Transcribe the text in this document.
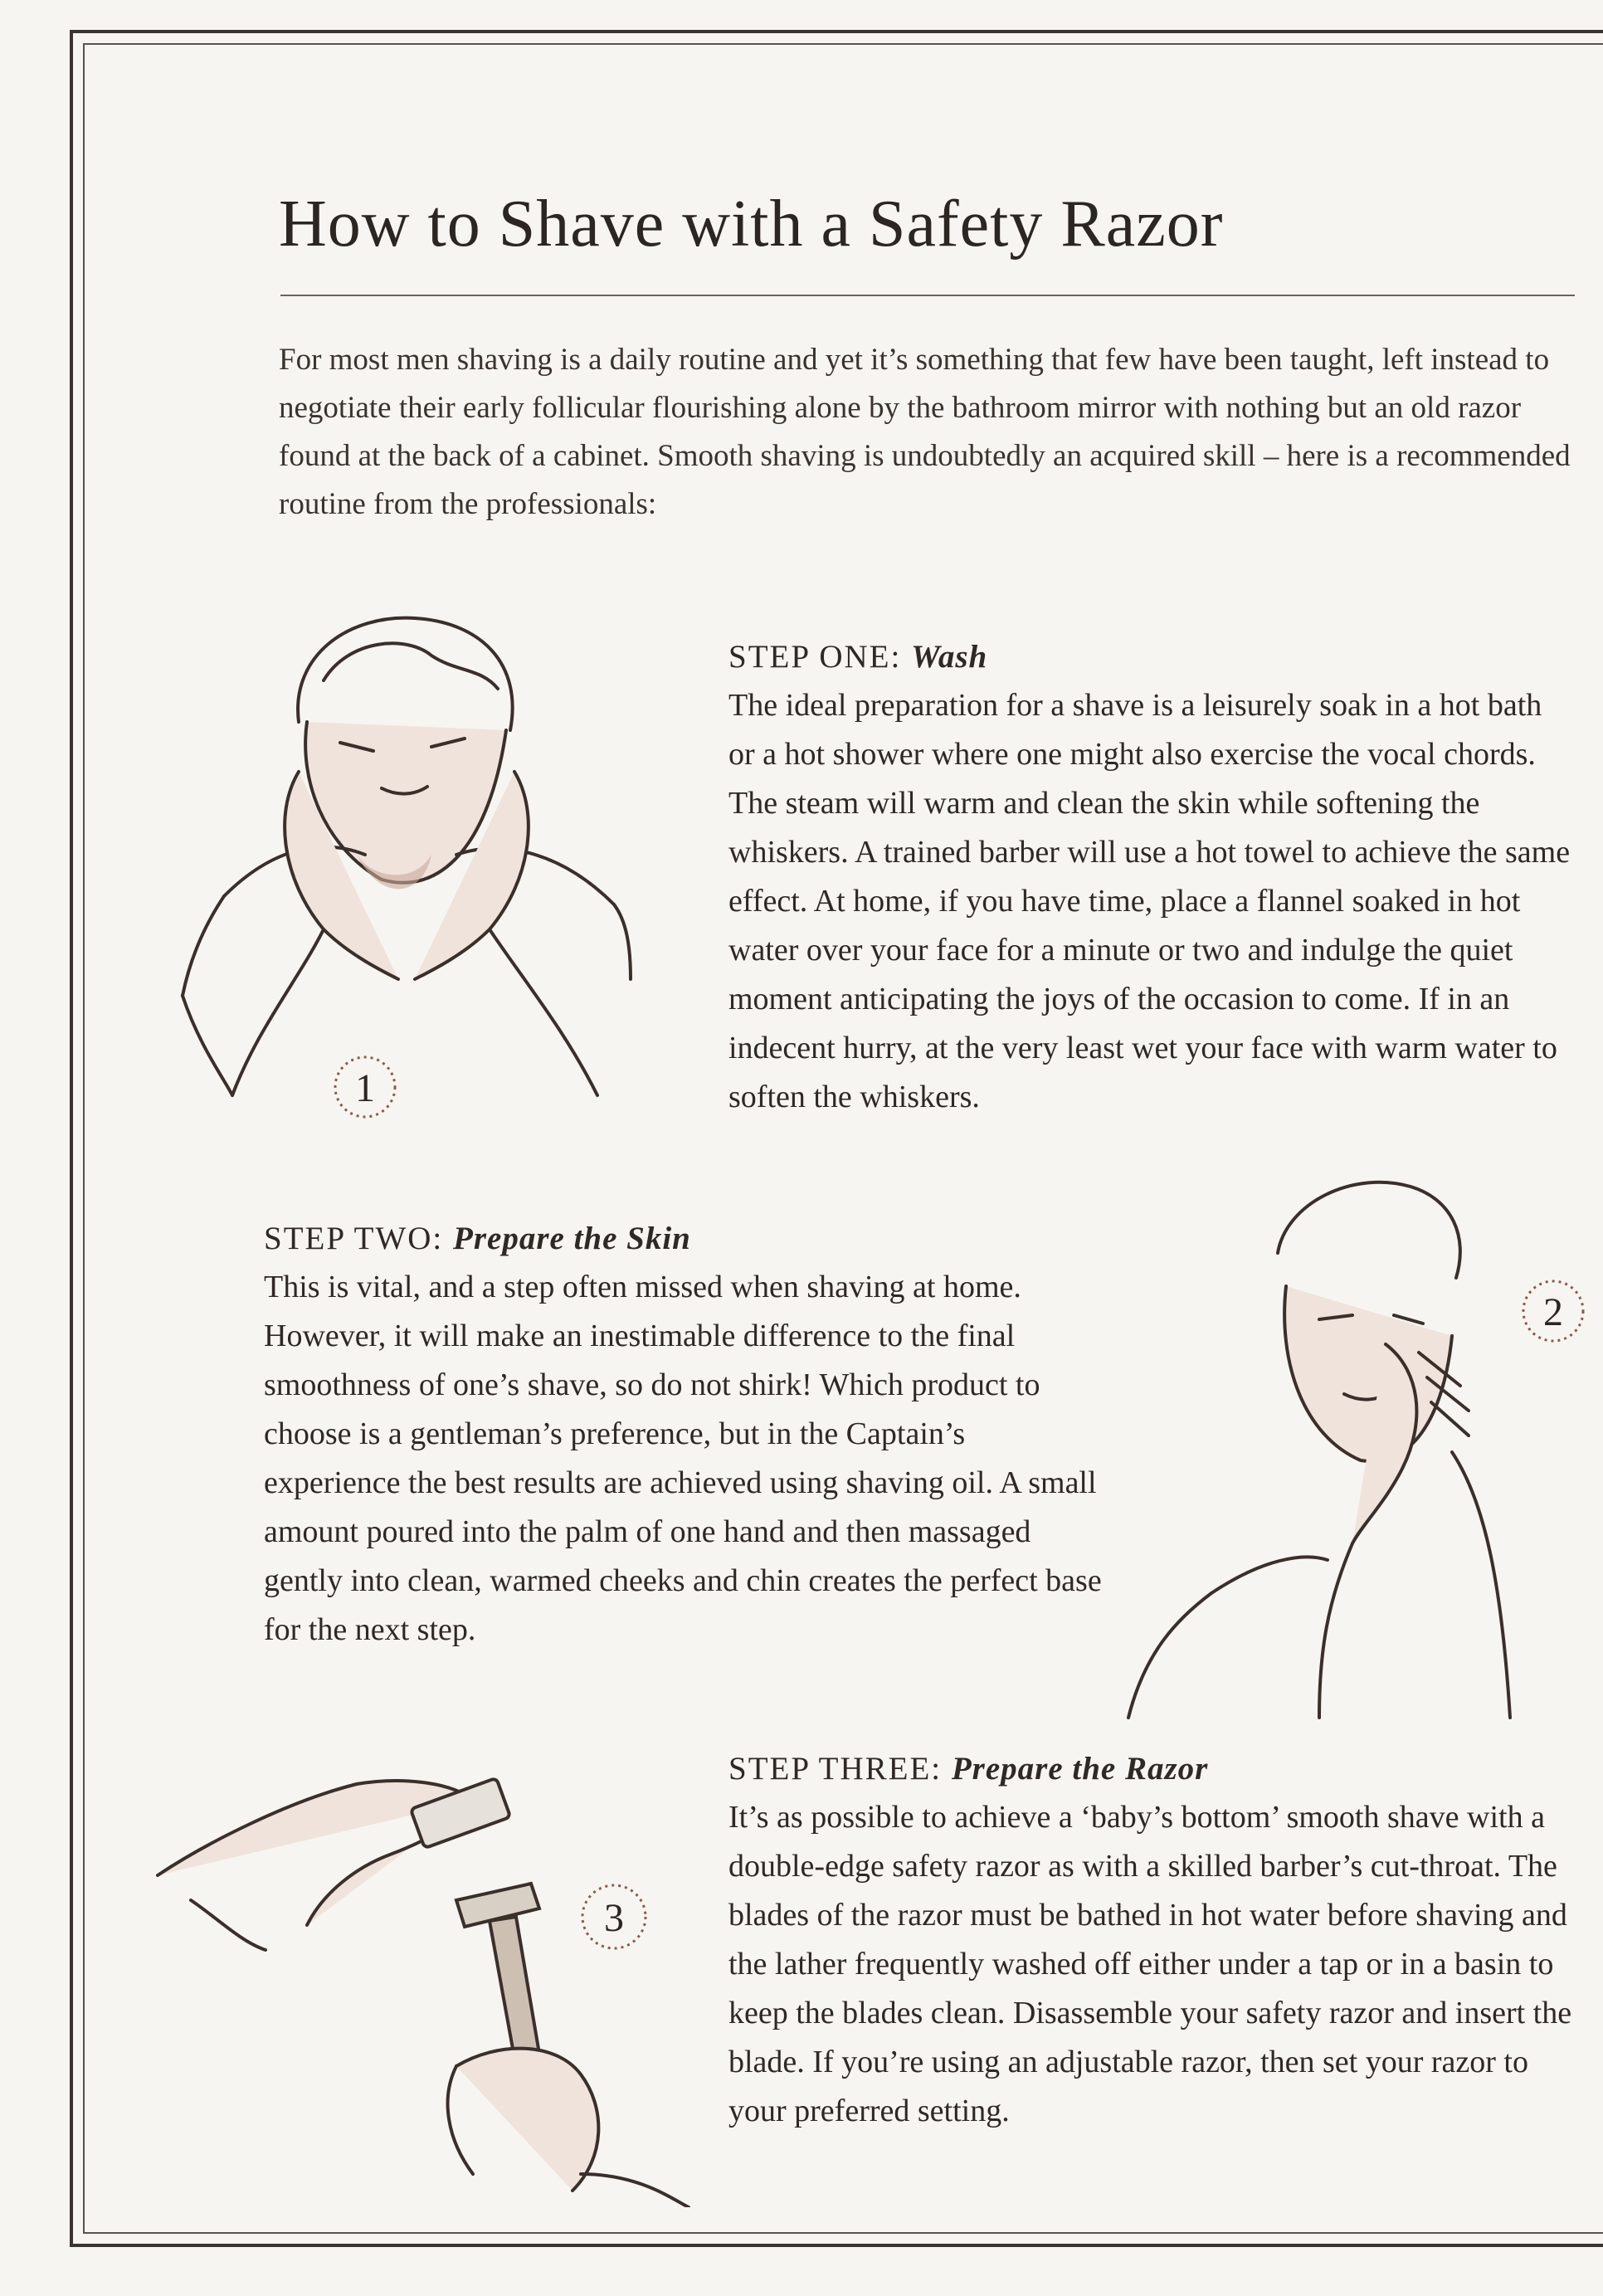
How to Shave with a Safety Razor

For most men shaving is a daily routine and yet it’s something that few have been taught, left instead to negotiate their early follicular flourishing alone by the bathroom mirror with nothing but an old razor found at the back of a cabinet. Smooth shaving is undoubtedly an acquired skill – here is a recommended routine from the professionals:

1
STEP ONE: Wash
The ideal preparation for a shave is a leisurely soak in a hot bath or a hot shower where one might also exercise the vocal chords. The steam will warm and clean the skin while softening the whiskers. A trained barber will use a hot towel to achieve the same effect. At home, if you have time, place a flannel soaked in hot water over your face for a minute or two and indulge the quiet moment anticipating the joys of the occasion to come. If in an indecent hurry, at the very least wet your face with warm water to soften the whiskers.
STEP TWO: Prepare the Skin
This is vital, and a step often missed when shaving at home. However, it will make an inestimable difference to the final smoothness of one’s shave, so do not shirk! Which product to choose is a gentleman’s preference, but in the Captain’s experience the best results are achieved using shaving oil. A small amount poured into the palm of one hand and then massaged gently into clean, warmed cheeks and chin creates the perfect base for the next step.
2
3
STEP THREE: Prepare the Razor
It’s as possible to achieve a ‘baby’s bottom’ smooth shave with a double-edge safety razor as with a skilled barber’s cut-throat. The blades of the razor must be bathed in hot water before shaving and the lather frequently washed off either under a tap or in a basin to keep the blades clean. Disassemble your safety razor and insert the blade. If you’re using an adjustable razor, then set your razor to your preferred setting.
